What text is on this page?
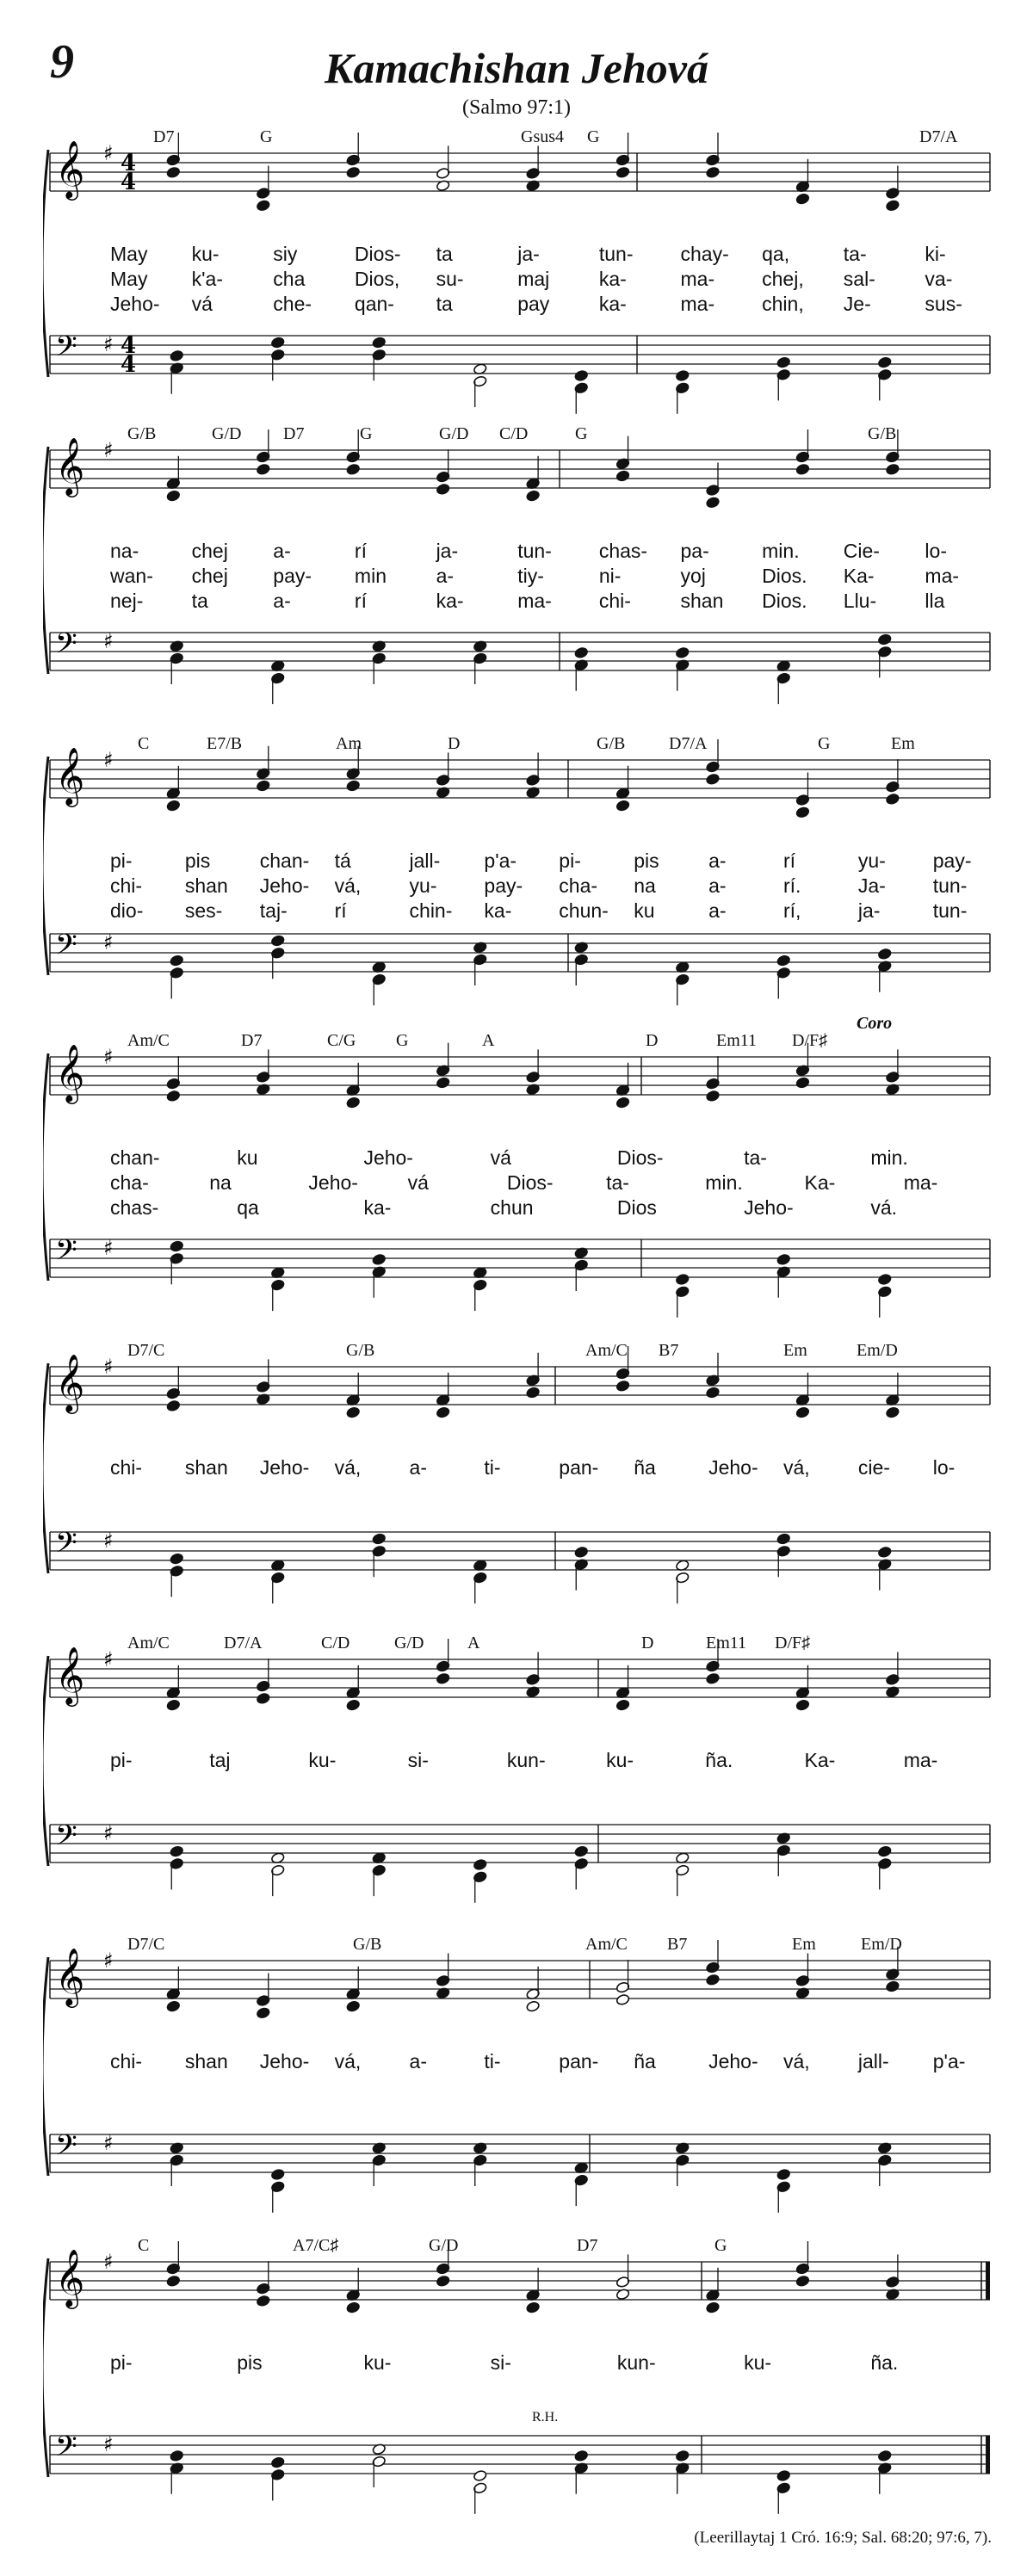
9	Kamachishan Jehová
(Salmo 97:1)
𝄞 ♯ 4
4
𝄢 ♯ 4
4
D7	G	Gsus4 G	D7/A
May ku-	siy	Dios- ta	ja-	tun- chay- qa,	ta-	ki-
May k'a-	cha	Dios, su-	maj	ka-	ma- chej, sal-	va-
Jeho- vá	che- qan- ta	pay	ka-	ma- chin, Je-	sus-
𝄞 ♯
𝄢 ♯
G/B	G/D D7	G	G/D C/D	G	G/B
na-	chej a-	rí	ja-	tun- chas- pa-	min. Cie- lo-
wan- chej pay- min	a-	tiy-	ni-	yoj	Dios. Ka-	ma-
nej- ta	a-	rí	ka-	ma- chi-	shan Dios. Llu- lla
𝄞 ♯
𝄢 ♯
C	E7/B	Am	D	G/B	D7/A	G	Em
pi-	pis chan- tá	jall- p'a- pi-	pis a-	rí	yu- pay-
chi- shan Jeho- vá, yu- pay- cha- na	a-	rí.	Ja- tun-
dio- ses- taj- rí	chin- ka- chun- ku	a-	rí,	ja-	tun-
𝄞 ♯
𝄢 ♯
Am/C	D7	C/G G	A	D	Em11 D/F♯
Coro
chan-	ku	Jeho-	vá	Dios-	ta-	min.
cha-	na	Jeho-	vá	Dios-	ta-	min.	Ka-	ma-
chas-	qa	ka-	chun	Dios	Jeho-	vá.
𝄞 ♯
𝄢 ♯
D7/C	G/B	Am/C B7	Em	Em/D
chi- shan Jeho- vá, a-	ti-	pan- ña	Jeho- vá, cie- lo-
𝄞 ♯
𝄢 ♯
Am/C	D7/A	C/D	G/D	A	D	Em11 D/F♯
pi-	taj	ku-	si-	kun-	ku-	ña.	Ka-	ma-
𝄞 ♯
𝄢 ♯
D7/C	G/B	Am/C B7	Em	Em/D
chi- shan Jeho- vá, a-	ti-	pan- ña	Jeho- vá, jall- p'a-
𝄞 ♯
𝄢 ♯
C	A7/C♯	G/D	D7	G
R.H.
pi-	pis	ku-	si-	kun-	ku-	ña.
(Leerillaytaj 1 Cró. 16:9; Sal. 68:20; 97:6, 7).
